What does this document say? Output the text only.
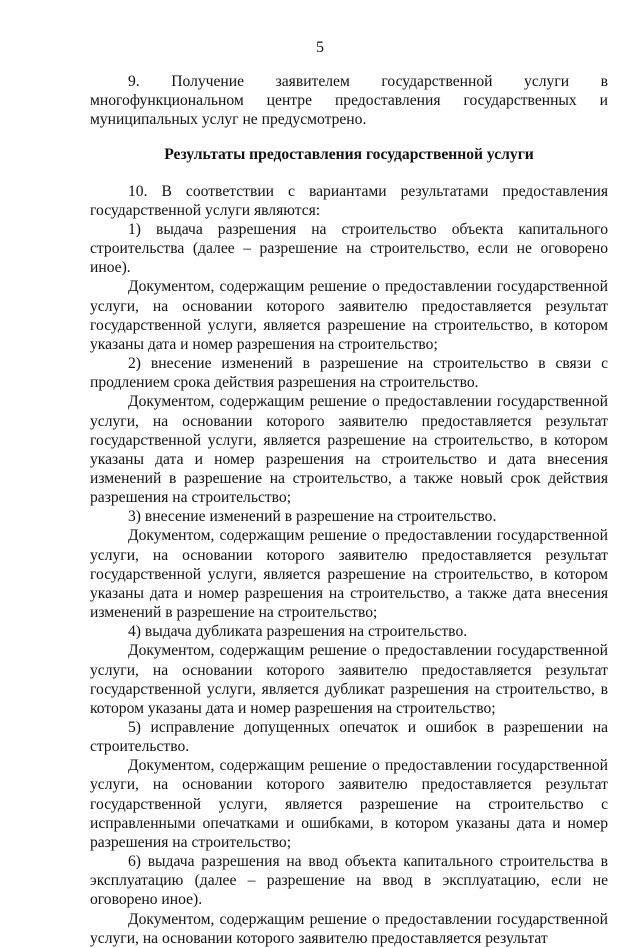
5

9. Получение заявителем государственной услуги в многофункциональном центре предоставления государственных и муниципальных услуг не предусмотрено.

Результаты предоставления государственной услуги

10. В соответствии с вариантами результатами предоставления государственной услуги являются:

1) выдача разрешения на строительство объекта капитального строительства (далее – разрешение на строительство, если не оговорено иное).

Документом, содержащим решение о предоставлении государственной услуги, на основании которого заявителю предоставляется результат государственной услуги, является разрешение на строительство, в котором указаны дата и номер разрешения на строительство;

2) внесение изменений в разрешение на строительство в связи с продлением срока действия разрешения на строительство.

Документом, содержащим решение о предоставлении государственной услуги, на основании которого заявителю предоставляется результат государственной услуги, является разрешение на строительство, в котором указаны дата и номер разрешения на строительство и дата внесения изменений в разрешение на строительство, а также новый срок действия разрешения на строительство;

3) внесение изменений в разрешение на строительство.

Документом, содержащим решение о предоставлении государственной услуги, на основании которого заявителю предоставляется результат государственной услуги, является разрешение на строительство, в котором указаны дата и номер разрешения на строительство, а также дата внесения изменений в разрешение на строительство;

4) выдача дубликата разрешения на строительство.

Документом, содержащим решение о предоставлении государственной услуги, на основании которого заявителю предоставляется результат государственной услуги, является дубликат разрешения на строительство, в котором указаны дата и номер разрешения на строительство;

5) исправление допущенных опечаток и ошибок в разрешении на строительство.

Документом, содержащим решение о предоставлении государственной услуги, на основании которого заявителю предоставляется результат государственной услуги, является разрешение на строительство с исправленными опечатками и ошибками, в котором указаны дата и номер разрешения на строительство;

6) выдача разрешения на ввод объекта капитального строительства в эксплуатацию (далее – разрешение на ввод в эксплуатацию, если не оговорено иное).

Документом, содержащим решение о предоставлении государственной услуги, на основании которого заявителю предоставляется результат
